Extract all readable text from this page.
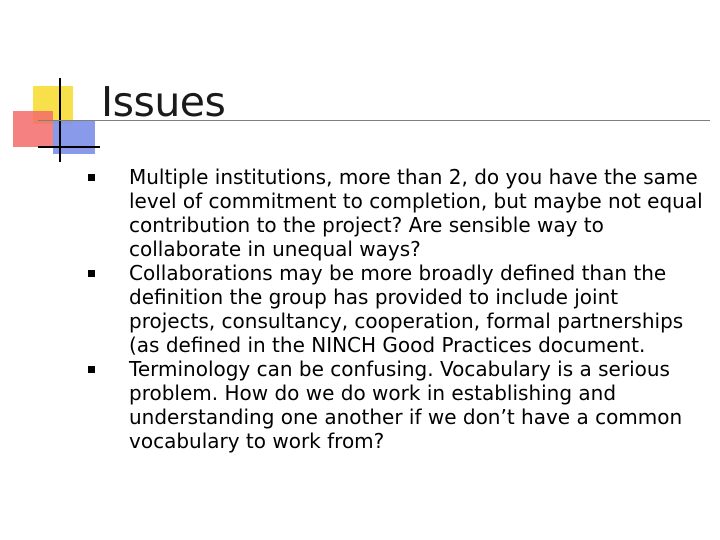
Issues
Multiple institutions, more than 2, do you have the same level of commitment to completion, but maybe not equal contribution to the project? Are sensible way to collaborate in unequal ways?
Collaborations may be more broadly defined than the definition the group has provided to include joint projects, consultancy, cooperation, formal partnerships (as defined in the NINCH Good Practices document.
Terminology can be confusing. Vocabulary is a serious problem. How do we do work in establishing and understanding one another if we don’t have a common vocabulary to work from?
